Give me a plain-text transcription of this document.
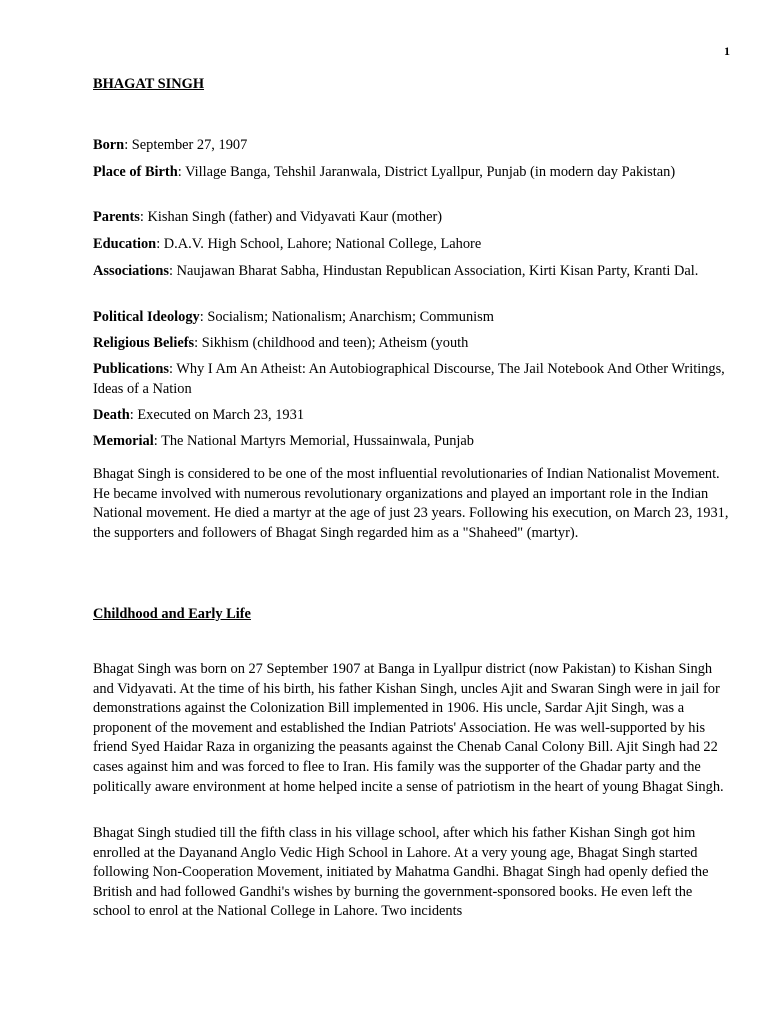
1

BHAGAT SINGH

Born: September 27, 1907

Place of Birth: Village Banga, Tehshil Jaranwala, District Lyallpur, Punjab (in modern day Pakistan)

Parents: Kishan Singh (father) and Vidyavati Kaur (mother)

Education: D.A.V. High School, Lahore; National College, Lahore

Associations: Naujawan Bharat Sabha, Hindustan Republican Association, Kirti Kisan Party, Kranti Dal.

Political Ideology: Socialism; Nationalism; Anarchism; Communism

Religious Beliefs: Sikhism (childhood and teen); Atheism (youth

Publications: Why I Am An Atheist: An Autobiographical Discourse, The Jail Notebook And Other Writings, Ideas of a Nation

Death: Executed on March 23, 1931

Memorial: The National Martyrs Memorial, Hussainwala, Punjab

Bhagat Singh is considered to be one of the most influential revolutionaries of Indian Nationalist Movement. He became involved with numerous revolutionary organizations and played an important role in the Indian National movement. He died a martyr at the age of just 23 years. Following his execution, on March 23, 1931, the supporters and followers of Bhagat Singh regarded him as a "Shaheed" (martyr).

Childhood and Early Life

Bhagat Singh was born on 27 September 1907 at Banga in Lyallpur district (now Pakistan) to Kishan Singh and Vidyavati. At the time of his birth, his father Kishan Singh, uncles Ajit and Swaran Singh were in jail for demonstrations against the Colonization Bill implemented in 1906. His uncle, Sardar Ajit Singh, was a proponent of the movement and established the Indian Patriots' Association. He was well-supported by his friend Syed Haidar Raza in organizing the peasants against the Chenab Canal Colony Bill. Ajit Singh had 22 cases against him and was forced to flee to Iran. His family was the supporter of the Ghadar party and the politically aware environment at home helped incite a sense of patriotism in the heart of young Bhagat Singh.

Bhagat Singh studied till the fifth class in his village school, after which his father Kishan Singh got him enrolled at the Dayanand Anglo Vedic High School in Lahore. At a very young age, Bhagat Singh started following Non-Cooperation Movement, initiated by Mahatma Gandhi. Bhagat Singh had openly defied the British and had followed Gandhi's wishes by burning the government-sponsored books. He even left the school to enrol at the National College in Lahore. Two incidents
